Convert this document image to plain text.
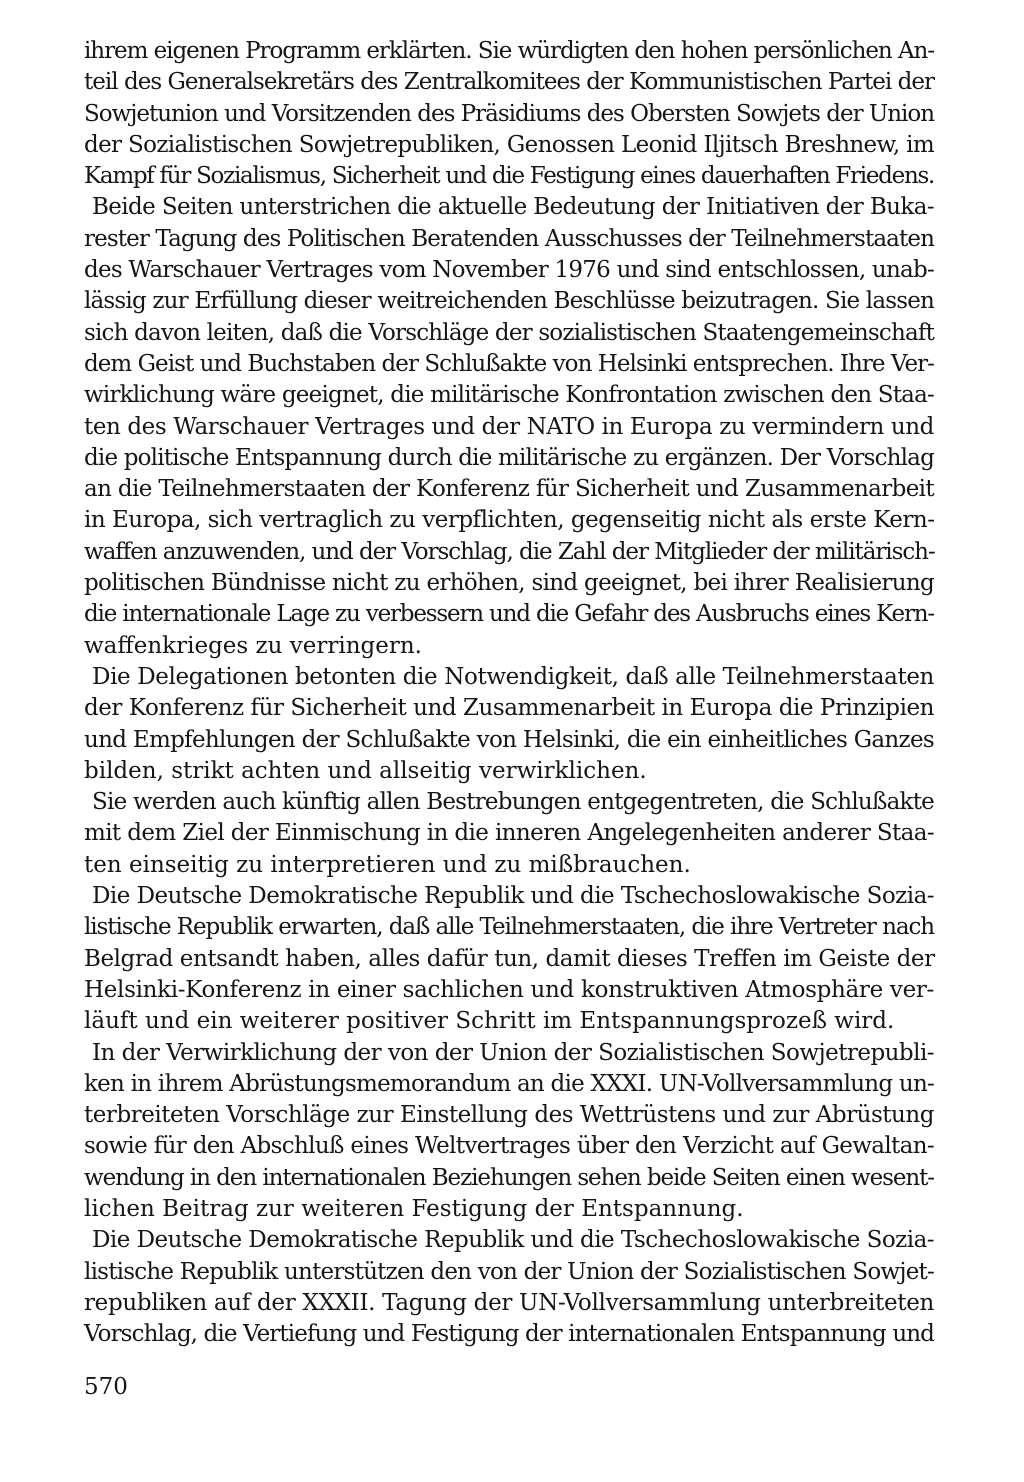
ihrem eigenen Programm erklärten. Sie würdigten den hohen persönlichen An-
teil des Generalsekretärs des Zentralkomitees der Kommunistischen Partei der
Sowjetunion und Vorsitzenden des Präsidiums des Obersten Sowjets der Union
der Sozialistischen Sowjetrepubliken, Genossen Leonid Iljitsch Breshnew, im
Kampf für Sozialismus, Sicherheit und die Festigung eines dauerhaften Friedens.
Beide Seiten unterstrichen die aktuelle Bedeutung der Initiativen der Buka-
rester Tagung des Politischen Beratenden Ausschusses der Teilnehmerstaaten
des Warschauer Vertrages vom November 1976 und sind entschlossen, unab-
lässig zur Erfüllung dieser weitreichenden Beschlüsse beizutragen. Sie lassen
sich davon leiten, daß die Vorschläge der sozialistischen Staatengemeinschaft
dem Geist und Buchstaben der Schlußakte von Helsinki entsprechen. Ihre Ver-
wirklichung wäre geeignet, die militärische Konfrontation zwischen den Staa-
ten des Warschauer Vertrages und der NATO in Europa zu vermindern und
die politische Entspannung durch die militärische zu ergänzen. Der Vorschlag
an die Teilnehmerstaaten der Konferenz für Sicherheit und Zusammenarbeit
in Europa, sich vertraglich zu verpflichten, gegenseitig nicht als erste Kern-
waffen anzuwenden, und der Vorschlag, die Zahl der Mitglieder der militärisch-
politischen Bündnisse nicht zu erhöhen, sind geeignet, bei ihrer Realisierung
die internationale Lage zu verbessern und die Gefahr des Ausbruchs eines Kern-
waffenkrieges zu verringern.
Die Delegationen betonten die Notwendigkeit, daß alle Teilnehmerstaaten
der Konferenz für Sicherheit und Zusammenarbeit in Europa die Prinzipien
und Empfehlungen der Schlußakte von Helsinki, die ein einheitliches Ganzes
bilden, strikt achten und allseitig verwirklichen.
Sie werden auch künftig allen Bestrebungen entgegentreten, die Schlußakte
mit dem Ziel der Einmischung in die inneren Angelegenheiten anderer Staa-
ten einseitig zu interpretieren und zu mißbrauchen.
Die Deutsche Demokratische Republik und die Tschechoslowakische Sozia-
listische Republik erwarten, daß alle Teilnehmerstaaten, die ihre Vertreter nach
Belgrad entsandt haben, alles dafür tun, damit dieses Treffen im Geiste der
Helsinki-Konferenz in einer sachlichen und konstruktiven Atmosphäre ver-
läuft und ein weiterer positiver Schritt im Entspannungsprozeß wird.
In der Verwirklichung der von der Union der Sozialistischen Sowjetrepubli-
ken in ihrem Abrüstungsmemorandum an die XXXI. UN-Vollversammlung un-
terbreiteten Vorschläge zur Einstellung des Wettrüstens und zur Abrüstung
sowie für den Abschluß eines Weltvertrages über den Verzicht auf Gewaltan-
wendung in den internationalen Beziehungen sehen beide Seiten einen wesent-
lichen Beitrag zur weiteren Festigung der Entspannung.
Die Deutsche Demokratische Republik und die Tschechoslowakische Sozia-
listische Republik unterstützen den von der Union der Sozialistischen Sowjet-
republiken auf der XXXII. Tagung der UN-Vollversammlung unterbreiteten
Vorschlag, die Vertiefung und Festigung der internationalen Entspannung und
570
